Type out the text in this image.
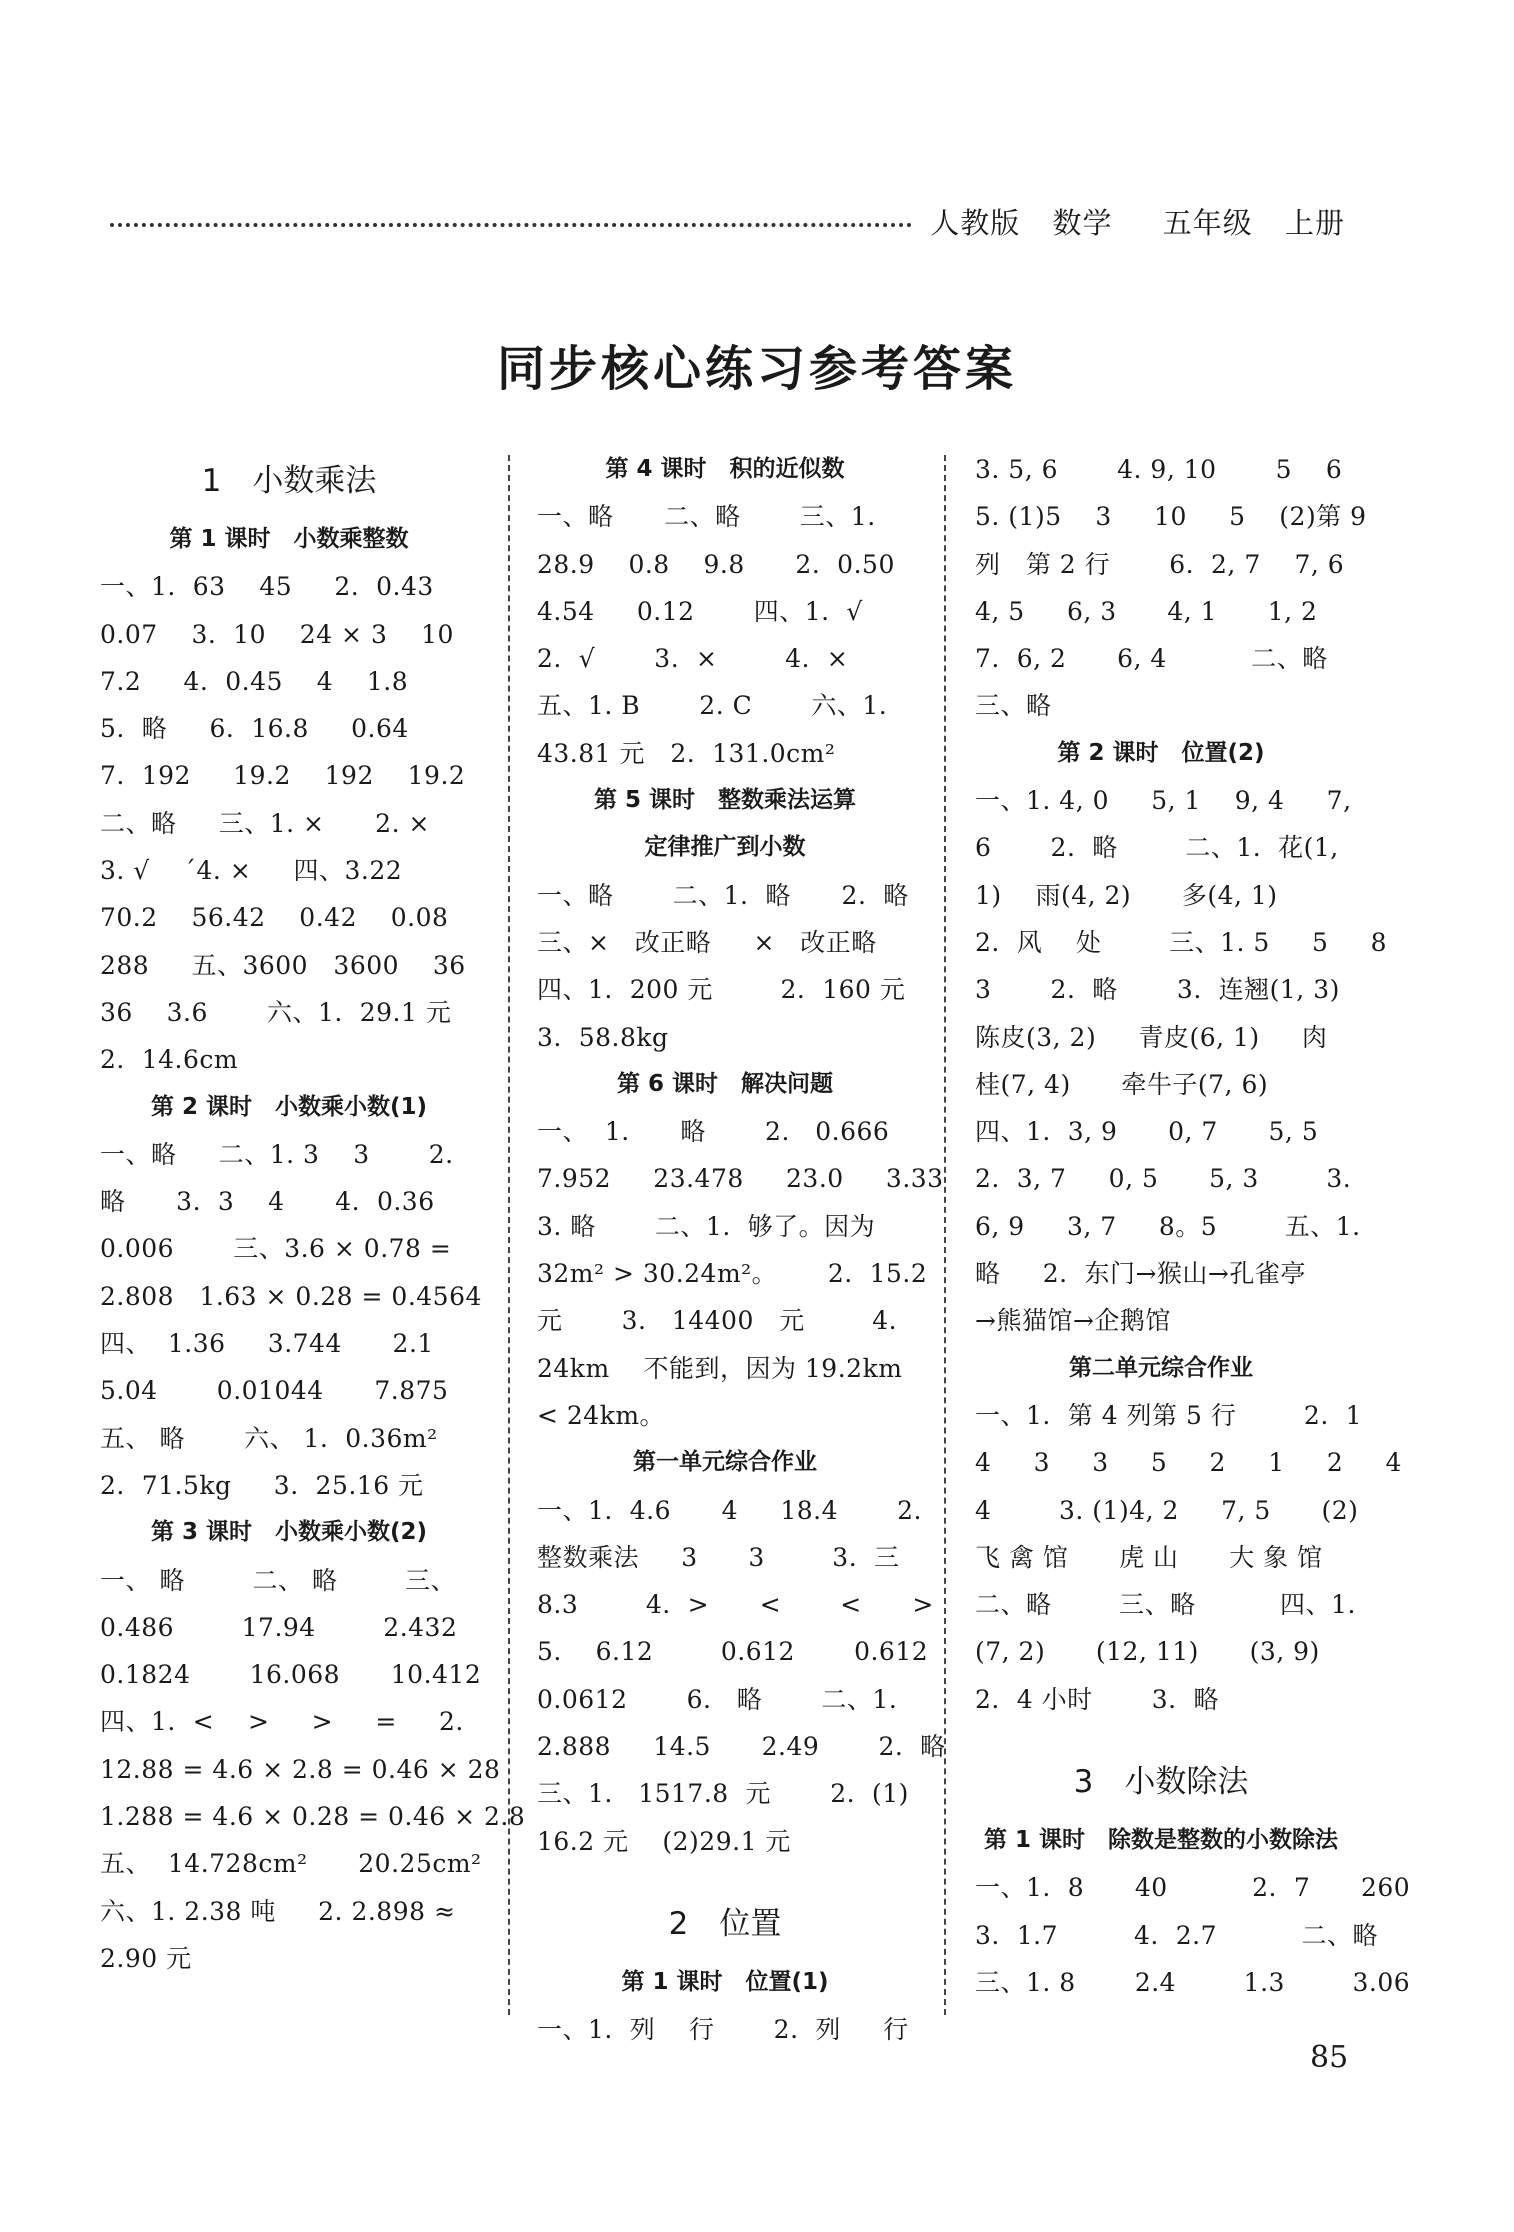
人教版 数学 五年级 上册
同步核心练习参考答案
1　小数乘法
第 1 课时　小数乘整数
一、1.  63    45     2.  0.43
0.07    3.  10    24 × 3    10
7.2     4.  0.45    4    1.8
5.  略     6.  16.8     0.64
7.  192     19.2    192    19.2
二、略     三、1. ×      2. ×
3. √    ´4. ×     四、3.22
70.2    56.42    0.42    0.08
288     五、3600   3600    36
36    3.6       六、1.  29.1 元
2.  14.6cm
第 2 课时　小数乘小数(1)
一、略     二、1. 3    3       2.
略      3.  3    4      4.  0.36
0.006       三、3.6 × 0.78 =
2.808   1.63 × 0.28 = 0.4564
四、  1.36     3.744      2.1
5.04       0.01044      7.875
五、 略       六、 1.  0.36m²
2.  71.5kg     3.  25.16 元
第 3 课时　小数乘小数(2)
一、 略        二、 略        三、
0.486        17.94        2.432
0.1824       16.068      10.412
四、1.  <    >     >     =     2.
12.88 = 4.6 × 2.8 = 0.46 × 28
1.288 = 4.6 × 0.28 = 0.46 × 2.8
五、  14.728cm²      20.25cm²
六、1. 2.38 吨     2. 2.898 ≈
2.90 元
第 4 课时　积的近似数
一、略      二、略       三、1.
28.9    0.8    9.8      2.  0.50
4.54     0.12       四、1.  √
2.  √       3.  ×        4.  ×
五、1. B       2. C       六、1.
43.81 元   2.  131.0cm²
第 5 课时　整数乘法运算
定律推广到小数
一、略       二、1.  略      2.  略
三、×   改正略     ×   改正略
四、1.  200 元        2.  160 元
3.  58.8kg
第 6 课时　解决问题
一、  1.      略       2.   0.666
7.952     23.478     23.0     3.33
3. 略       二、1.  够了。因为
32m² > 30.24m²。      2.  15.2
元       3.   14400   元        4.
24km    不能到，因为 19.2km
< 24km。
第一单元综合作业
一、1.  4.6      4     18.4       2.
整数乘法     3      3        3.  三
8.3        4.  >      <       <      >
5.    6.12        0.612       0.612
0.0612       6.   略       二、1.
2.888     14.5      2.49       2.  略
三、1.   1517.8  元       2.  (1)
16.2 元    (2)29.1 元
2　位置
第 1 课时　位置(1)
一、1.  列    行       2.  列     行
3. 5, 6       4. 9, 10       5    6
5. (1)5    3     10     5    (2)第 9
列   第 2 行       6.  2, 7    7, 6
4, 5     6, 3      4, 1      1, 2
7.  6, 2      6, 4          二、略
三、略
第 2 课时　位置(2)
一、1. 4, 0     5, 1    9, 4     7,
6       2.  略        二、1.  花(1,
1)    雨(4, 2)      多(4, 1)
2.  风    处        三、1. 5     5     8
3       2.  略       3.  连翘(1, 3)
陈皮(3, 2)     青皮(6, 1)     肉
桂(7, 4)      牵牛子(7, 6)
四、1.  3, 9      0, 7      5, 5
2.  3, 7     0, 5      5, 3        3.
6, 9     3, 7     8。5        五、1.
略     2.  东门→猴山→孔雀亭
→熊猫馆→企鹅馆
第二单元综合作业
一、1.  第 4 列第 5 行        2.  1
4     3     3     5     2     1     2     4
4        3. (1)4, 2     7, 5      (2)
飞 禽 馆      虎 山      大 象 馆
二、略        三、略          四、1.
(7, 2)      (12, 11)      (3, 9)
2.  4 小时       3.  略
3　小数除法
第 1 课时　除数是整数的小数除法
一、1.  8      40          2.  7      260
3.  1.7         4.  2.7          二、略
三、1. 8       2.4        1.3        3.06
85
